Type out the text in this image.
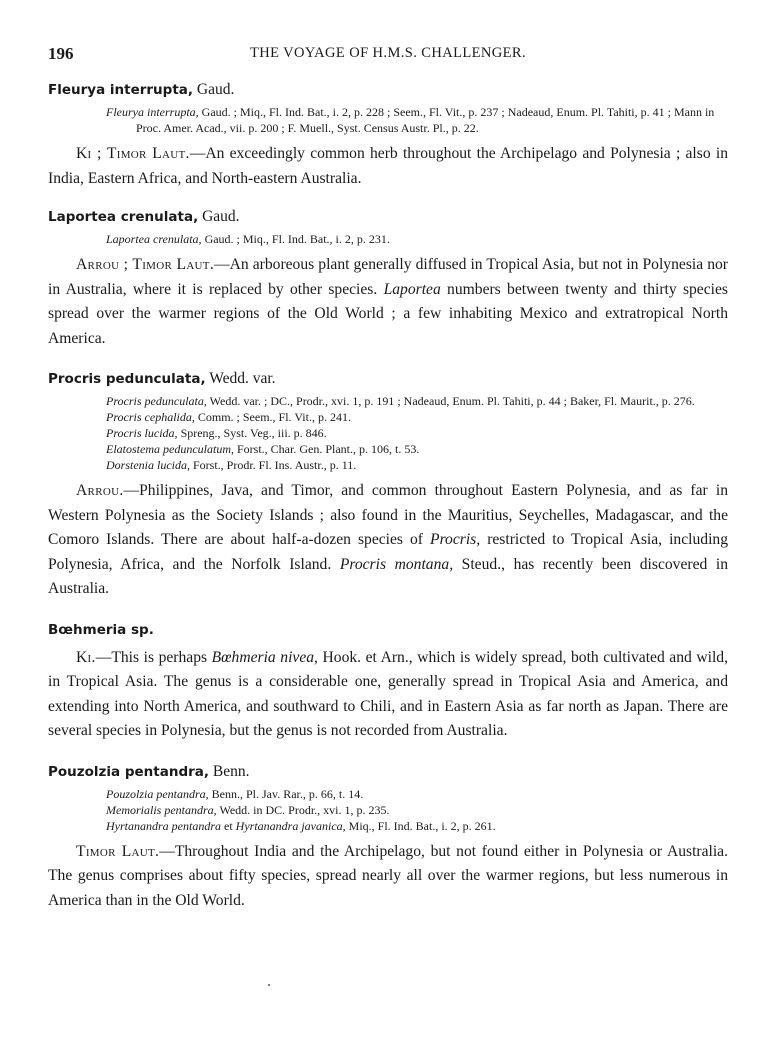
196	THE VOYAGE OF H.M.S. CHALLENGER.

Fleurya interrupta, Gaud.

Fleurya interrupta, Gaud. ; Miq., Fl. Ind. Bat., i. 2, p. 228 ; Seem., Fl. Vit., p. 237 ; Nadeaud, Enum. Pl. Tahiti, p. 41 ; Mann in Proc. Amer. Acad., vii. p. 200 ; F. Muell., Syst. Census Austr. Pl., p. 22.

Ki ; Timor Laut.—An exceedingly common herb throughout the Archipelago and Polynesia ; also in India, Eastern Africa, and North-eastern Australia.

Laportea crenulata, Gaud.

Laportea crenulata, Gaud. ; Miq., Fl. Ind. Bat., i. 2, p. 231.

Arrou ; Timor Laut.—An arboreous plant generally diffused in Tropical Asia, but not in Polynesia nor in Australia, where it is replaced by other species. Laportea numbers between twenty and thirty species spread over the warmer regions of the Old World ; a few inhabiting Mexico and extratropical North America.

Procris pedunculata, Wedd. var.

Procris pedunculata, Wedd. var. ; DC., Prodr., xvi. 1, p. 191 ; Nadeaud, Enum. Pl. Tahiti, p. 44 ; Baker, Fl. Maurit., p. 276.
Procris cephalida, Comm. ; Seem., Fl. Vit., p. 241.
Procris lucida, Spreng., Syst. Veg., iii. p. 846.
Elatostema pedunculatum, Forst., Char. Gen. Plant., p. 106, t. 53.
Dorstenia lucida, Forst., Prodr. Fl. Ins. Austr., p. 11.

Arrou.—Philippines, Java, and Timor, and common throughout Eastern Polynesia, and as far in Western Polynesia as the Society Islands ; also found in the Mauritius, Seychelles, Madagascar, and the Comoro Islands. There are about half-a-dozen species of Procris, restricted to Tropical Asia, including Polynesia, Africa, and the Norfolk Island. Procris montana, Steud., has recently been discovered in Australia.

Bœhmeria sp.

Ki.—This is perhaps Bœhmeria nivea, Hook. et Arn., which is widely spread, both cultivated and wild, in Tropical Asia. The genus is a considerable one, generally spread in Tropical Asia and America, and extending into North America, and southward to Chili, and in Eastern Asia as far north as Japan. There are several species in Polynesia, but the genus is not recorded from Australia.

Pouzolzia pentandra, Benn.

Pouzolzia pentandra, Benn., Pl. Jav. Rar., p. 66, t. 14.
Memorialis pentandra, Wedd. in DC. Prodr., xvi. 1, p. 235.
Hyrtanandra pentandra et Hyrtanandra javanica, Miq., Fl. Ind. Bat., i. 2, p. 261.

Timor Laut.—Throughout India and the Archipelago, but not found either in Polynesia or Australia. The genus comprises about fifty species, spread nearly all over the warmer regions, but less numerous in America than in the Old World.
